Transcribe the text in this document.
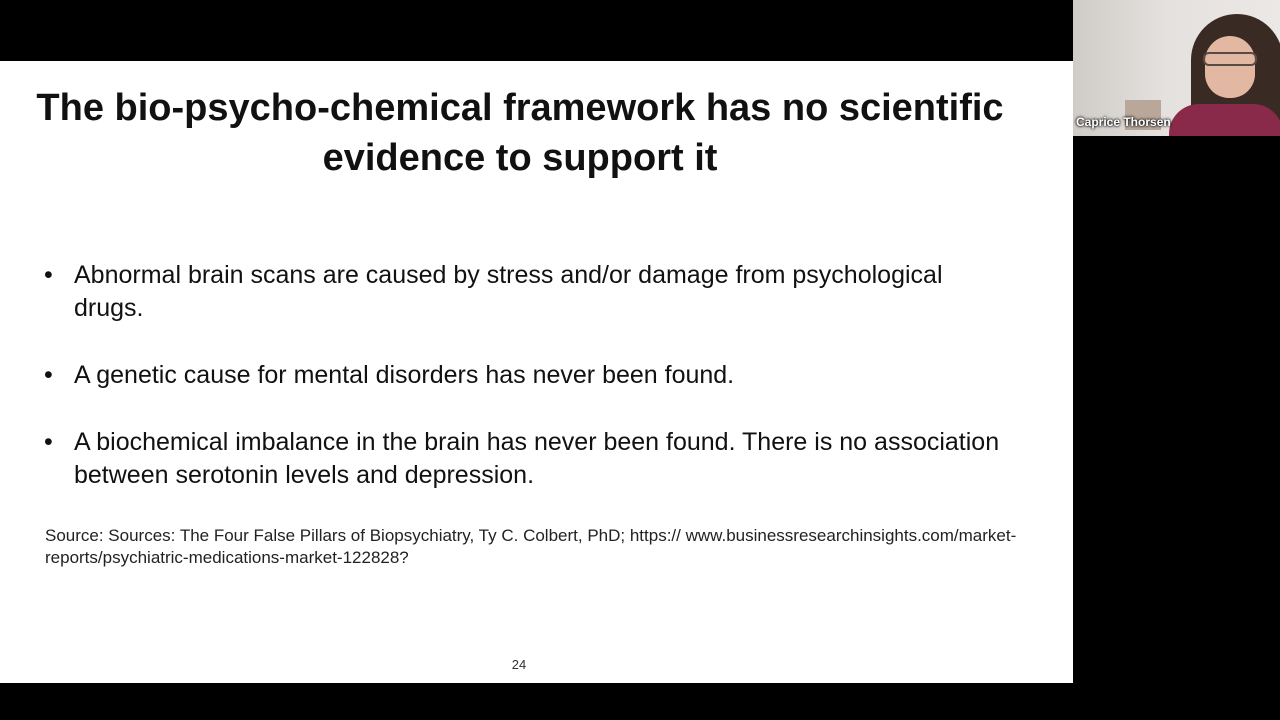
The bio-psycho-chemical framework has no scientific evidence to support it
• Abnormal brain scans are caused by stress and/or damage from psychological drugs.
• A genetic cause for mental disorders has never been found.
• A biochemical imbalance in the brain has never been found. There is no association between serotonin levels and depression.
Source: Sources: The Four False Pillars of Biopsychiatry, Ty C. Colbert, PhD; https:// www.businessresearchinsights.com/market-reports/psychiatric-medications-market-122828?
24
Caprice Thorsen
